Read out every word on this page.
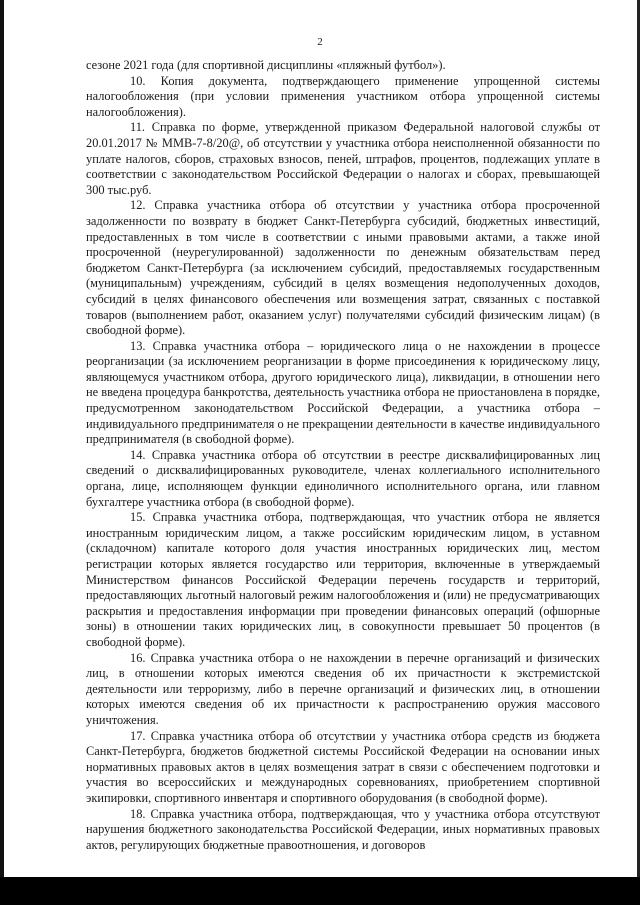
2

сезоне 2021 года (для спортивной дисциплины «пляжный футбол»).

10. Копия документа, подтверждающего применение упрощенной системы налогообложения (при условии применения участником отбора упрощенной системы налогообложения).

11. Справка по форме, утвержденной приказом Федеральной налоговой службы от 20.01.2017 № ММВ-7-8/20@, об отсутствии у участника отбора неисполненной обязанности по уплате налогов, сборов, страховых взносов, пеней, штрафов, процентов, подлежащих уплате в соответствии с законодательством Российской Федерации о налогах и сборах, превышающей 300 тыс.руб.

12. Справка участника отбора об отсутствии у участника отбора просроченной задолженности по возврату в бюджет Санкт-Петербурга субсидий, бюджетных инвестиций, предоставленных в том числе в соответствии с иными правовыми актами, а также иной просроченной (неурегулированной) задолженности по денежным обязательствам перед бюджетом Санкт-Петербурга (за исключением субсидий, предоставляемых государственным (муниципальным) учреждениям, субсидий в целях возмещения недополученных доходов, субсидий в целях финансового обеспечения или возмещения затрат, связанных с поставкой товаров (выполнением работ, оказанием услуг) получателями субсидий физическим лицам) (в свободной форме).

13. Справка участника отбора – юридического лица о не нахождении в процессе реорганизации (за исключением реорганизации в форме присоединения к юридическому лицу, являющемуся участником отбора, другого юридического лица), ликвидации, в отношении него не введена процедура банкротства, деятельность участника отбора не приостановлена в порядке, предусмотренном законодательством Российской Федерации, а участника отбора – индивидуального предпринимателя о не прекращении деятельности в качестве индивидуального предпринимателя (в свободной форме).

14. Справка участника отбора об отсутствии в реестре дисквалифицированных лиц сведений о дисквалифицированных руководителе, членах коллегиального исполнительного органа, лице, исполняющем функции единоличного исполнительного органа, или главном бухгалтере участника отбора (в свободной форме).

15. Справка участника отбора, подтверждающая, что участник отбора не является иностранным юридическим лицом, а также российским юридическим лицом, в уставном (складочном) капитале которого доля участия иностранных юридических лиц, местом регистрации которых является государство или территория, включенные в утверждаемый Министерством финансов Российской Федерации перечень государств и территорий, предоставляющих льготный налоговый режим налогообложения и (или) не предусматривающих раскрытия и предоставления информации при проведении финансовых операций (офшорные зоны) в отношении таких юридических лиц, в совокупности превышает 50 процентов (в свободной форме).

16. Справка участника отбора о не нахождении в перечне организаций и физических лиц, в отношении которых имеются сведения об их причастности к экстремистской деятельности или терроризму, либо в перечне организаций и физических лиц, в отношении которых имеются сведения об их причастности к распространению оружия массового уничтожения.

17. Справка участника отбора об отсутствии у участника отбора средств из бюджета Санкт-Петербурга, бюджетов бюджетной системы Российской Федерации на основании иных нормативных правовых актов в целях возмещения затрат в связи с обеспечением подготовки и участия во всероссийских и международных соревнованиях, приобретением спортивной экипировки, спортивного инвентаря и спортивного оборудования (в свободной форме).

18. Справка участника отбора, подтверждающая, что у участника отбора отсутствуют нарушения бюджетного законодательства Российской Федерации, иных нормативных правовых актов, регулирующих бюджетные правоотношения, и договоров
